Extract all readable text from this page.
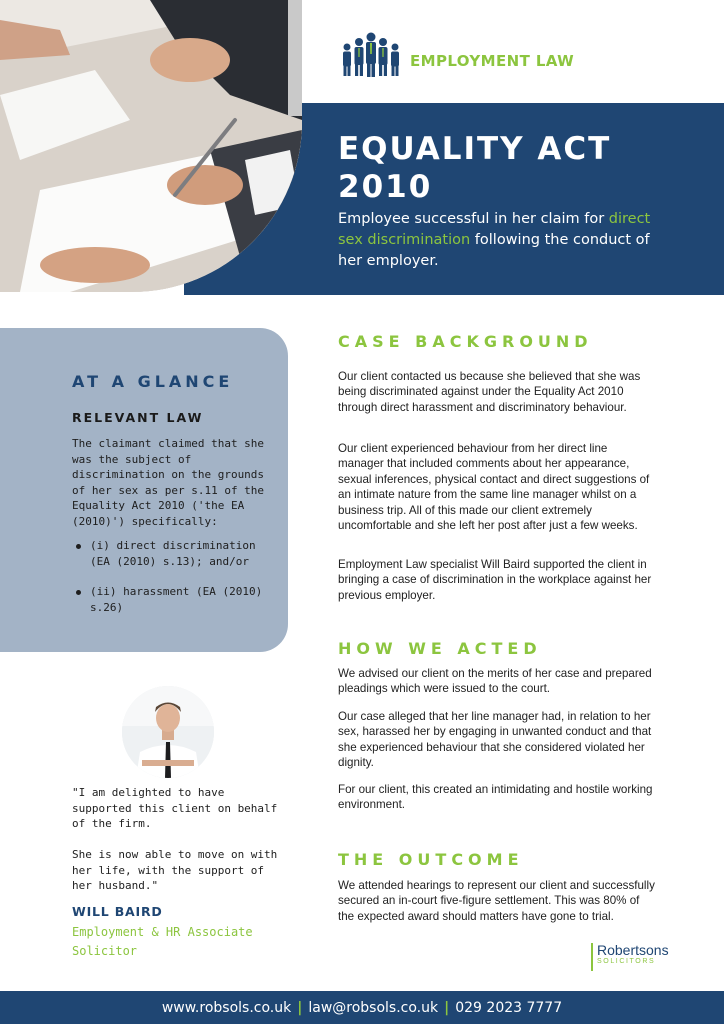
EMPLOYMENT LAW
EQUALITY ACT 2010
Employee successful in her claim for direct sex discrimination following the conduct of her employer.
AT A GLANCE
RELEVANT LAW
The claimant claimed that she was the subject of discrimination on the grounds of her sex as per s.11 of the Equality Act 2010 ('the EA (2010)') specifically:
(i) direct discrimination (EA (2010) s.13); and/or
(ii) harassment (EA (2010) s.26)

"I am delighted to have supported this client on behalf of the firm.

She is now able to move on with her life, with the support of her husband."

WILL BAIRD
Employment & HR Associate Solicitor
CASE BACKGROUND
Our client contacted us because she believed that she was being discriminated against under the Equality Act 2010 through direct harassment and discriminatory behaviour.
Our client experienced behaviour from her direct line manager that included comments about her appearance, sexual inferences, physical contact and direct suggestions of an intimate nature from the same line manager whilst on a business trip. All of this made our client extremely uncomfortable and she left her post after just a few weeks.
Employment Law specialist Will Baird supported the client in bringing a case of discrimination in the workplace against her previous employer.
HOW WE ACTED
We advised our client on the merits of her case and prepared pleadings which were issued to the court.
Our case alleged that her line manager had, in relation to her sex, harassed her by engaging in unwanted conduct and that she experienced behaviour that she considered violated her dignity.
For our client, this created an intimidating and hostile working environment.
THE OUTCOME
We attended hearings to represent our client and successfully secured an in-court five-figure settlement. This was 80% of the expected award should matters have gone to trial.
Robertsons
SOLICITORS
www.robsols.co.uk | law@robsols.co.uk | 029 2023 7777
